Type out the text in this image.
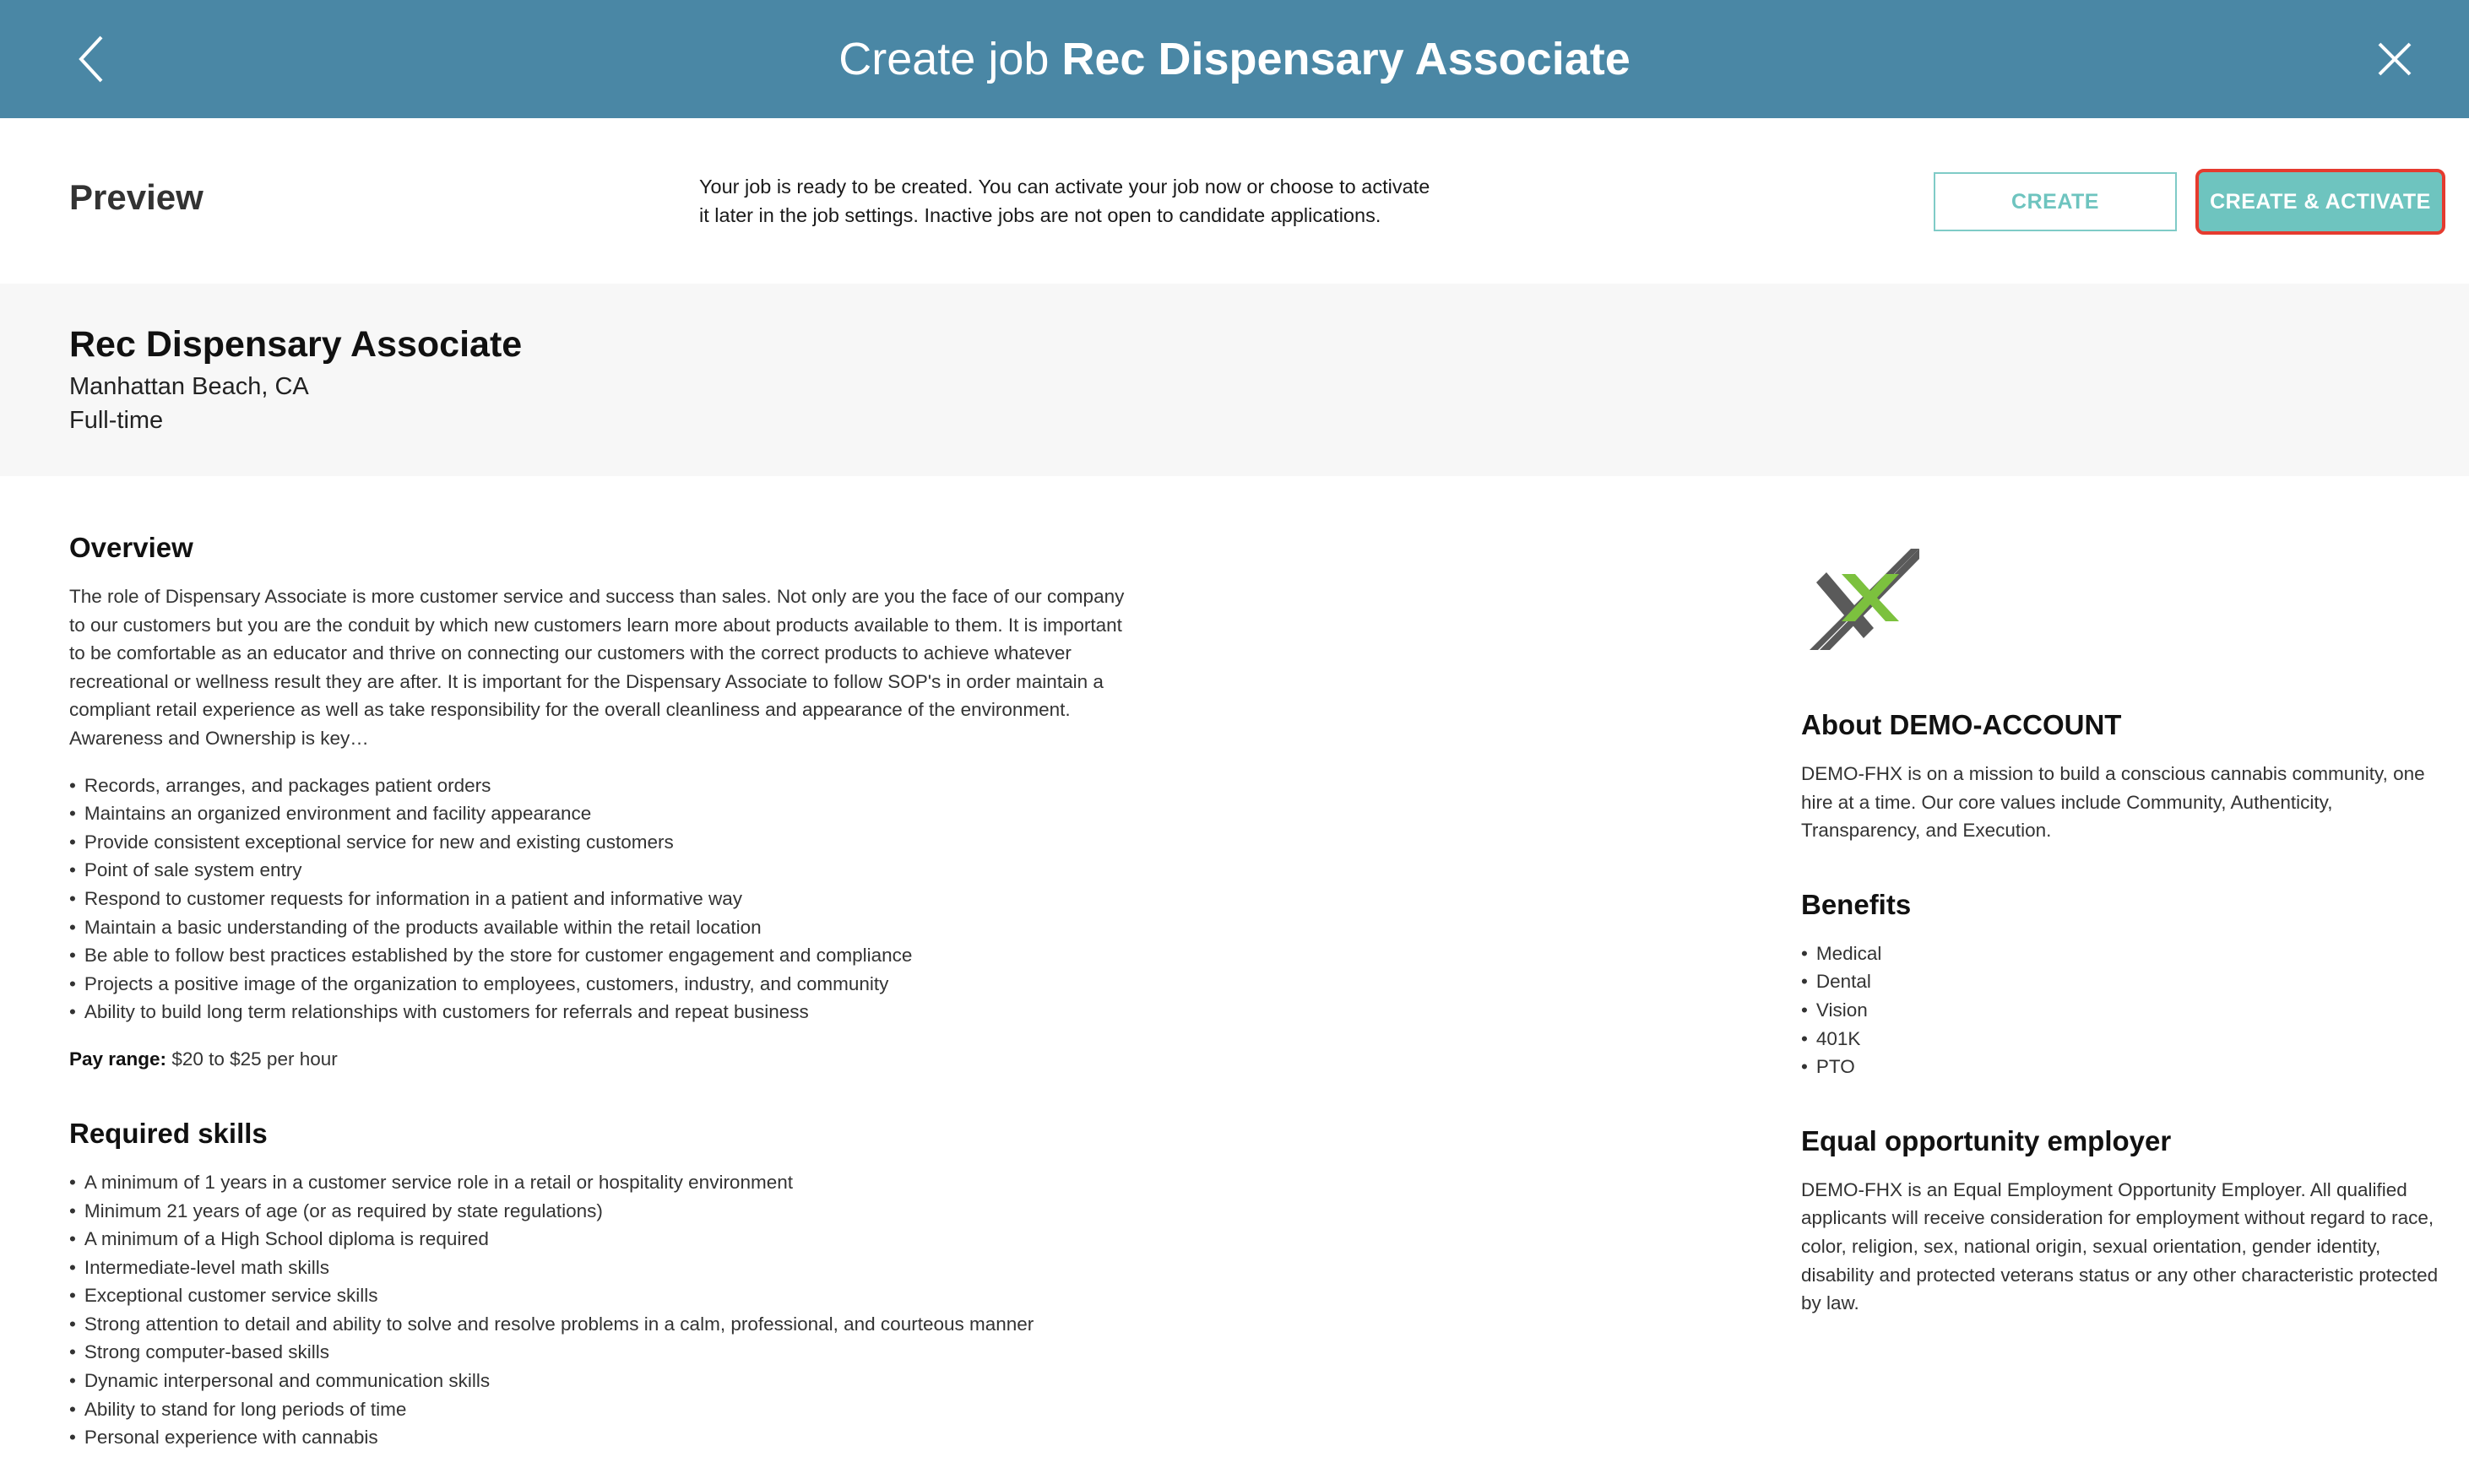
Create job Rec Dispensary Associate
Preview	Your job is ready to be created. You can activate your job now or choose to activate it later in the job settings. Inactive jobs are not open to candidate applications.
CREATE	CREATE & ACTIVATE
Rec Dispensary Associate
Manhattan Beach, CA
Full-time
Overview

The role of Dispensary Associate is more customer service and success than sales. Not only are you the face of our company to our customers but you are the conduit by which new customers learn more about products available to them. It is important to be comfortable as an educator and thrive on connecting our customers with the correct products to achieve whatever recreational or wellness result they are after. It is important for the Dispensary Associate to follow SOP's in order maintain a compliant retail experience as well as take responsibility for the overall cleanliness and appearance of the environment. Awareness and Ownership is key…

• Records, arranges, and packages patient orders
• Maintains an organized environment and facility appearance
• Provide consistent exceptional service for new and existing customers
• Point of sale system entry
• Respond to customer requests for information in a patient and informative way
• Maintain a basic understanding of the products available within the retail location
• Be able to follow best practices established by the store for customer engagement and compliance
• Projects a positive image of the organization to employees, customers, industry, and community
• Ability to build long term relationships with customers for referrals and repeat business
Pay range: $20 to $25 per hour
Required skills
• A minimum of 1 years in a customer service role in a retail or hospitality environment
• Minimum 21 years of age (or as required by state regulations)
• A minimum of a High School diploma is required
• Intermediate-level math skills
• Exceptional customer service skills
• Strong attention to detail and ability to solve and resolve problems in a calm, professional, and courteous manner
• Strong computer-based skills
• Dynamic interpersonal and communication skills
• Ability to stand for long periods of time
• Personal experience with cannabis
About DEMO-ACCOUNT

DEMO-FHX is on a mission to build a conscious cannabis community, one hire at a time. Our core values include Community, Authenticity, Transparency, and Execution.

Benefits
• Medical
• Dental
• Vision
• 401K
• PTO
Equal opportunity employer

DEMO-FHX is an Equal Employment Opportunity Employer. All qualified applicants will receive consideration for employment without regard to race, color, religion, sex, national origin, sexual orientation, gender identity, disability and protected veterans status or any other characteristic protected by law.
